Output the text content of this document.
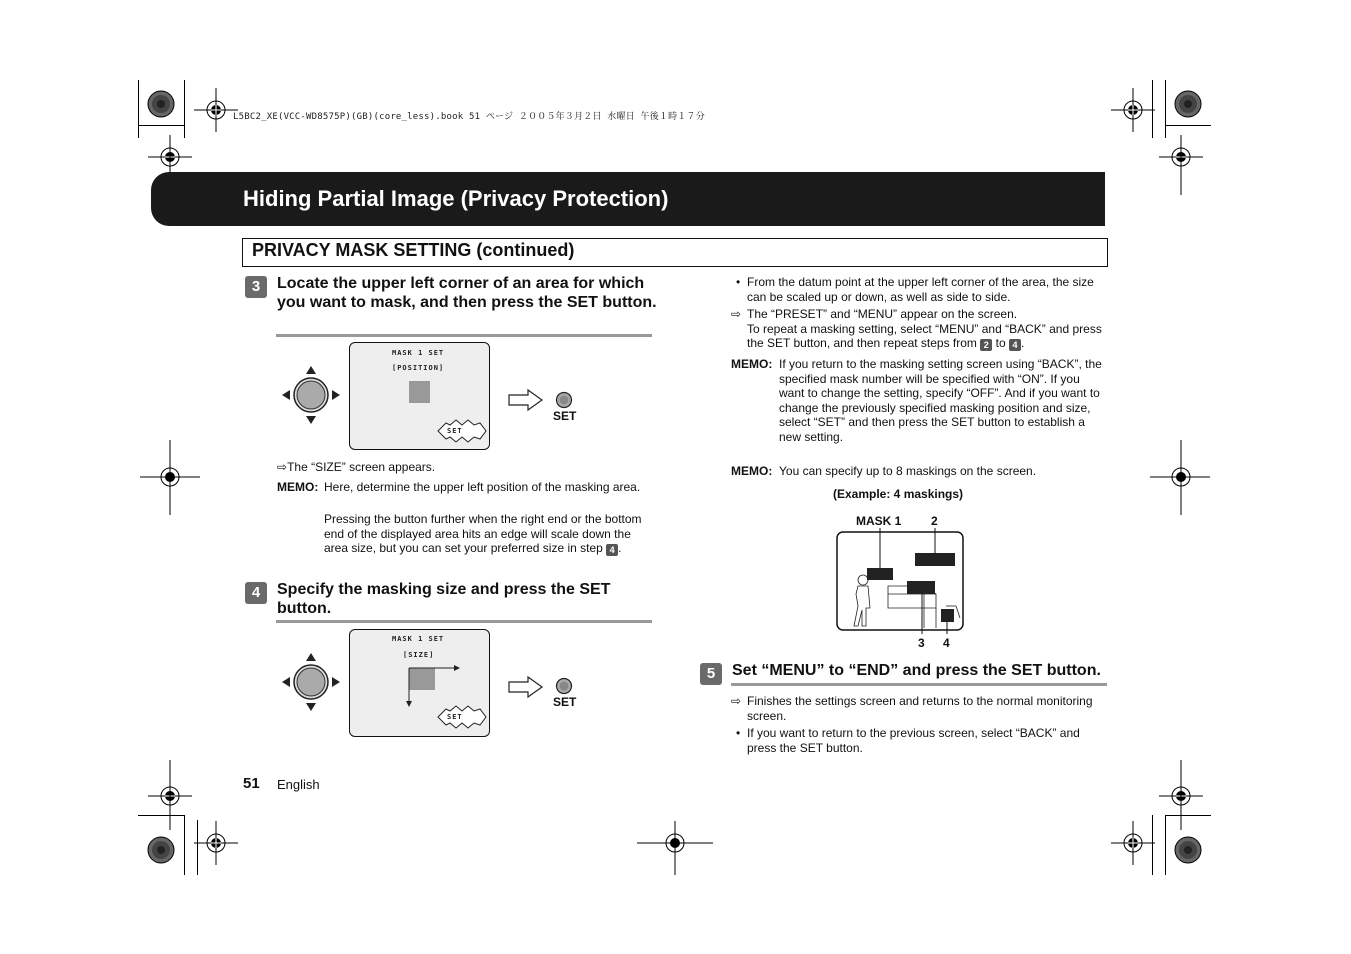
L5BC2_XE(VCC-WD8575P)(GB)(core_less).book 51 ページ ２００５年３月２日 水曜日 午後１時１７分
Hiding Partial Image (Privacy Protection)
PRIVACY MASK SETTING (continued)
3	Locate the upper left corner of an area for which you want to mask, and then press the SET button.
MASK 1 SET
[POSITION]
SET
SET
⇨The “SIZE” screen appears.
MEMO: Here, determine the upper left position of the masking area.
Pressing the button further when the right end or the bottom end of the displayed area hits an edge will scale down the area size, but you can set your preferred size in step 4 .
4	Specify the masking size and press the SET button.
MASK 1 SET
[SIZE]
SET
SET
• From the datum point at the upper left corner of the area, the size can be scaled up or down, as well as side to side.
⇨ The “PRESET” and “MENU” appear on the screen.
To repeat a masking setting, select “MENU” and “BACK” and press the SET button, and then repeat steps from 2 to 4 .
MEMO: If you return to the masking setting screen using “BACK”, the specified mask number will be specified with “ON”. If you want to change the setting, specify “OFF”. And if you want to change the previously specified masking position and size, select “SET” and then press the SET button to establish a new setting.
MEMO: You can specify up to 8 maskings on the screen.
(Example: 4 maskings)
MASK 1 2
3 4
5	Set “MENU” to “END” and press the SET button.
⇨ Finishes the settings screen and returns to the normal monitoring screen.
• If you want to return to the previous screen, select “BACK” and press the SET button.
51 English
